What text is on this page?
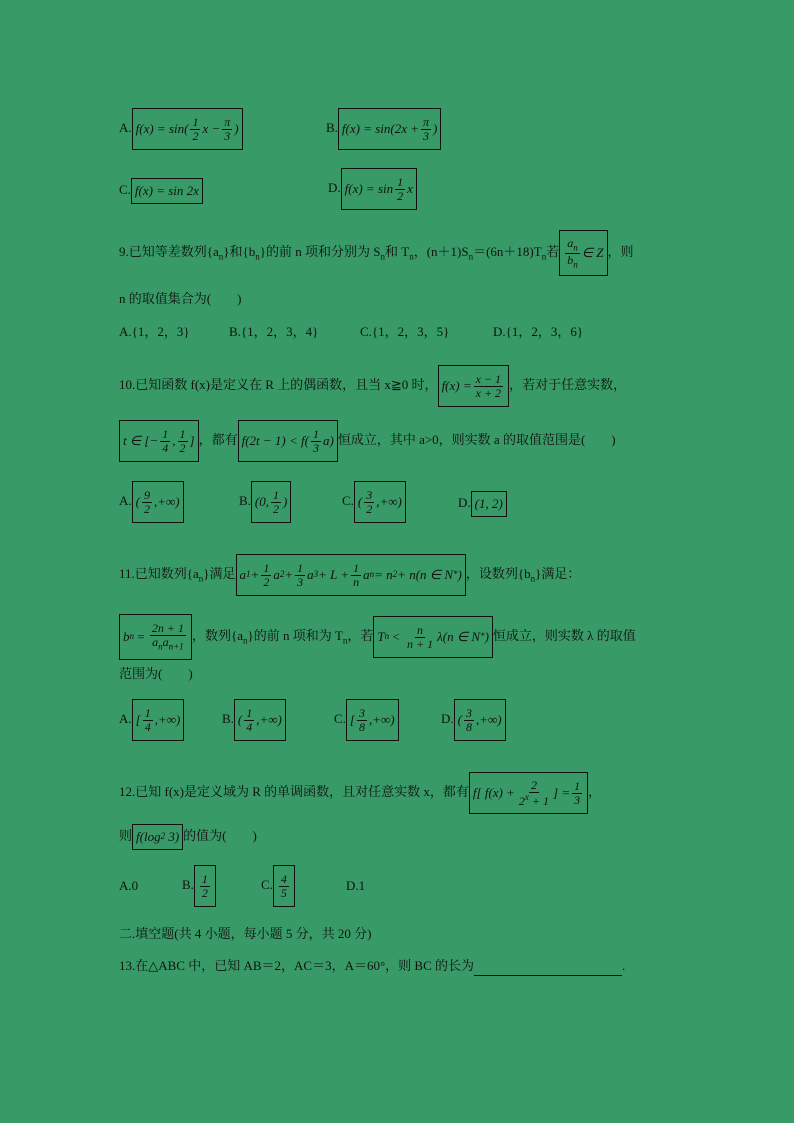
A. $f(x) = \sin( \frac{1}{2}$ $x - \frac{\pi}{3}$ )	B. $f(x) = \sin(2x + \frac{\pi}{3}$ )
C. f(x) = sin 2x	D. $f(x) = \sin \frac{1}{2}$ x
9.已知等差数列$\{a_n\}$和$\{b_n\}$的前 n 项和分别为 $S_n$和 $T_n$，$(n+1)S_n=(6n+18)T_n$若 $\frac{a_n}{b_n}$ ∈ Z ，则
n 的取值集合为(　　)
A.{1，2，3}	B.{1，2，3，4}	C.{1，2，3，5}	D.{1，2，3，6}
10.已知函数 f(x)是定义在 R 上的偶函数，且当 x≧0 时， $f(x) = \frac{x - 1}{x + 2}$ ，若对于任意实数，
t ∈ [− $\frac{1}{4}$ , $\frac{1}{2}$ ] ，都有 $f(2t - 1) < f( \frac{1}{3} a)$ 恒成立，其中 a>0，则实数 a 的取值范围是(　　)
A. ( $\frac{9}{2}$ ,+∞)	B. (0, $\frac{1}{2}$ )	C. ( $\frac{3}{2}$ ,+∞)	D. (1, 2)
11.已知数列$\{a_n\}$满足 a $1 + \frac{1}{2}$ a $2 + \frac{1}{3}$ a $3 + L + \frac{1}{n}$ a n = n 2 + n(n ∈ N * ) ，设数列$\{b_n\}$满足：
b $n = \frac{2n + 1}{a_na_{n+1}}$ ，数列$\{a_n\}$的前 n 项和为 $T_n$，若 T $n < \frac{n}{n + 1} \lambda(n$ ∈ N * ) 恒成立，则实数 λ 的取值
范围为(　　)
A. [ $\frac{1}{4}$ ,+∞)	B. ( $\frac{1}{4}$ ,+∞)	C. [ $\frac{3}{8}$ ,+∞)	D. ( $\frac{3}{8}$ ,+∞)
12.已知 f(x)是定义域为 R 的单调函数，且对任意实数 x，都有 f[ $f(x) + \frac{2}{2^x + 1}$ ] = $\frac{1}{3}$ ，
则 f(log 2
3) 的值为(　　)
A.0	B. $\frac{1}{2}$	C. $\frac{4}{5}$	D.1
二.填空题(共 4 小题，每小题 5 分，共 20 分)
13.在△ABC 中，已知 AB＝2，AC＝3，A＝60°，则 BC 的长为	.
